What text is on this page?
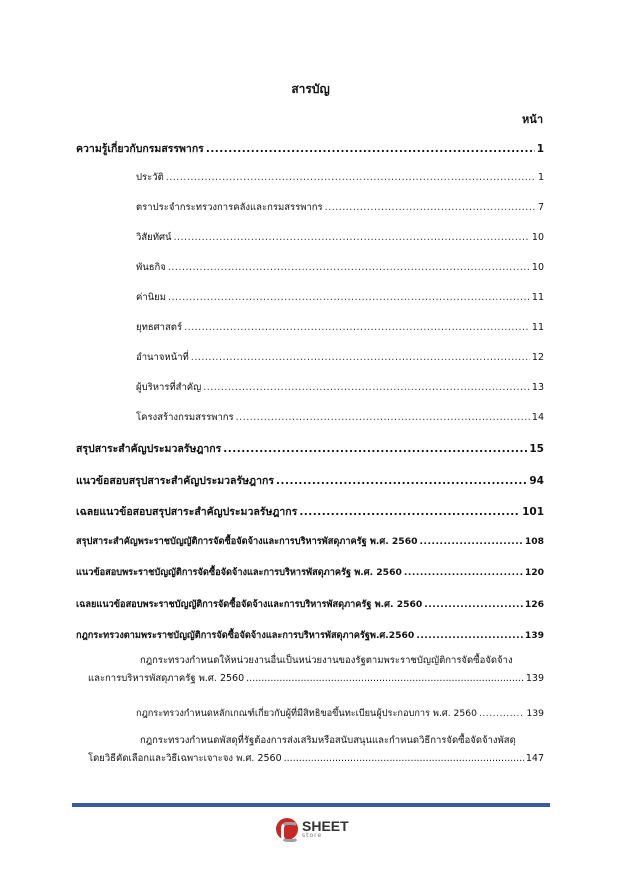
สารบัญ
หน้า
ความรู้เกี่ยวกับกรมสรรพากร .....	1
ประวัติ .....	1
ตราประจำกระทรวงการคลังและกรมสรรพากร .....	7
วิสัยทัศน์ .....	10
พันธกิจ .....	10
ค่านิยม .....	11
ยุทธศาสตร์ .....	11
อำนาจหน้าที่ .....	12
ผู้บริหารที่สำคัญ .....	13
โครงสร้างกรมสรรพากร .....	14
สรุปสาระสำคัญประมวลรัษฎากร .....	15
แนวข้อสอบสรุปสาระสำคัญประมวลรัษฎากร .....	94
เฉลยแนวข้อสอบสรุปสาระสำคัญประมวลรัษฎากร .....	101
สรุปสาระสำคัญพระราชบัญญัติการจัดซื้อจัดจ้างและการบริหารพัสดุภาครัฐ พ.ศ. 2560 .....	108
แนวข้อสอบพระราชบัญญัติการจัดซื้อจัดจ้างและการบริหารพัสดุภาครัฐ พ.ศ. 2560 .....	120
เฉลยแนวข้อสอบพระราชบัญญัติการจัดซื้อจัดจ้างและการบริหารพัสดุภาครัฐ พ.ศ. 2560 .....	126
กฎกระทรวงตามพระราชบัญญัติการจัดซื้อจัดจ้างและการบริหารพัสดุภาครัฐพ.ศ.2560 .....	139
กฎกระทรวงกำหนดให้หน่วยงานอื่นเป็นหน่วยงานของรัฐตามพระราชบัญญัติการจัดซื้อจัดจ้าง
และการบริหารพัสดุภาครัฐ พ.ศ. 2560 .....	139
กฎกระทรวงกำหนดหลักเกณฑ์เกี่ยวกับผู้ที่มีสิทธิขอขึ้นทะเบียนผู้ประกอบการ พ.ศ. 2560 .....	139
กฎกระทรวงกำหนดพัสดุที่รัฐต้องการส่งเสริมหรือสนับสนุนและกำหนดวิธีการจัดซื้อจัดจ้างพัสดุ
โดยวิธีคัดเลือกและวิธีเฉพาะเจาะจง พ.ศ. 2560 .....	147
SHEET
store
